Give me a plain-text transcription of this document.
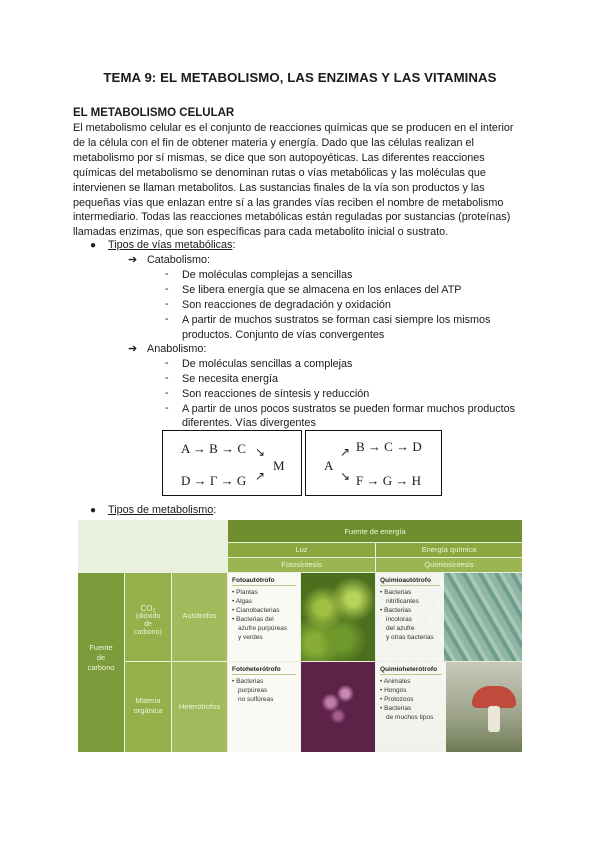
TEMA 9: EL METABOLISMO, LAS ENZIMAS Y LAS VITAMINAS
EL METABOLISMO CELULAR
El metabolismo celular es el conjunto de reacciones químicas que se producen en el interior
de la célula con el fin de obtener materia y energía. Dado que las células realizan el
metabolismo por sí mismas, se dice que son autopoyéticas. Las diferentes reacciones
químicas del metabolismo se denominan rutas o vías metabólicas y las moléculas que
intervienen se llaman metabolitos. Las sustancias finales de la vía son productos y las
pequeñas vías que enlazan entre sí a las grandes vías reciben el nombre de metabolismo
intermediario. Todas las reacciones metabólicas están reguladas por sustancias (proteínas)
llamadas enzimas, que son específicas para cada metabolito inicial o sustrato.
● Tipos de vías metabólicas:
➔ Catabolismo:
- De moléculas complejas a sencillas
- Se libera energía que se almacena en los enlaces del ATP
- Son reacciones de degradación y oxidación
- A partir de muchos sustratos se forman casi siempre los mismos
productos. Conjunto de vías convergentes
➔ Anabolismo:
- De moléculas sencillas a complejas
- Se necesita energía
- Son reacciones de síntesis y reducción
- A partir de unos pocos sustratos se pueden formar muchos productos
diferentes. Vías divergentes
A → B → C ↘
M
D → Γ → G ↗
A
↗
↘
B → C → D
F → G → H
● Tipos de metabolismo:
Fuente de energía
Luz	Energía química
Fotosíntesis	Quimiosíntesis
Fuente
de
carbono
CO₂
(dióxido
de
carbono)
Materia
orgánica
Autótrofos
Heterótrofos
Fotoautótrofo
• Plantas
• Algas
• Cianobacterias
• Bacterias del
azufre purpúreas
y verdes
Quimioautótrofo
• Bacterias
nitrificantes
• Bacterias
incoloras
del azufre
y otras bacterias
Fotoheterótrofo
• Bacterias
purpúreas
no sulfúreas
Quimioheterótrofo
• Animales
• Hongos
• Protozoos
• Bacterias
de muchos tipos
